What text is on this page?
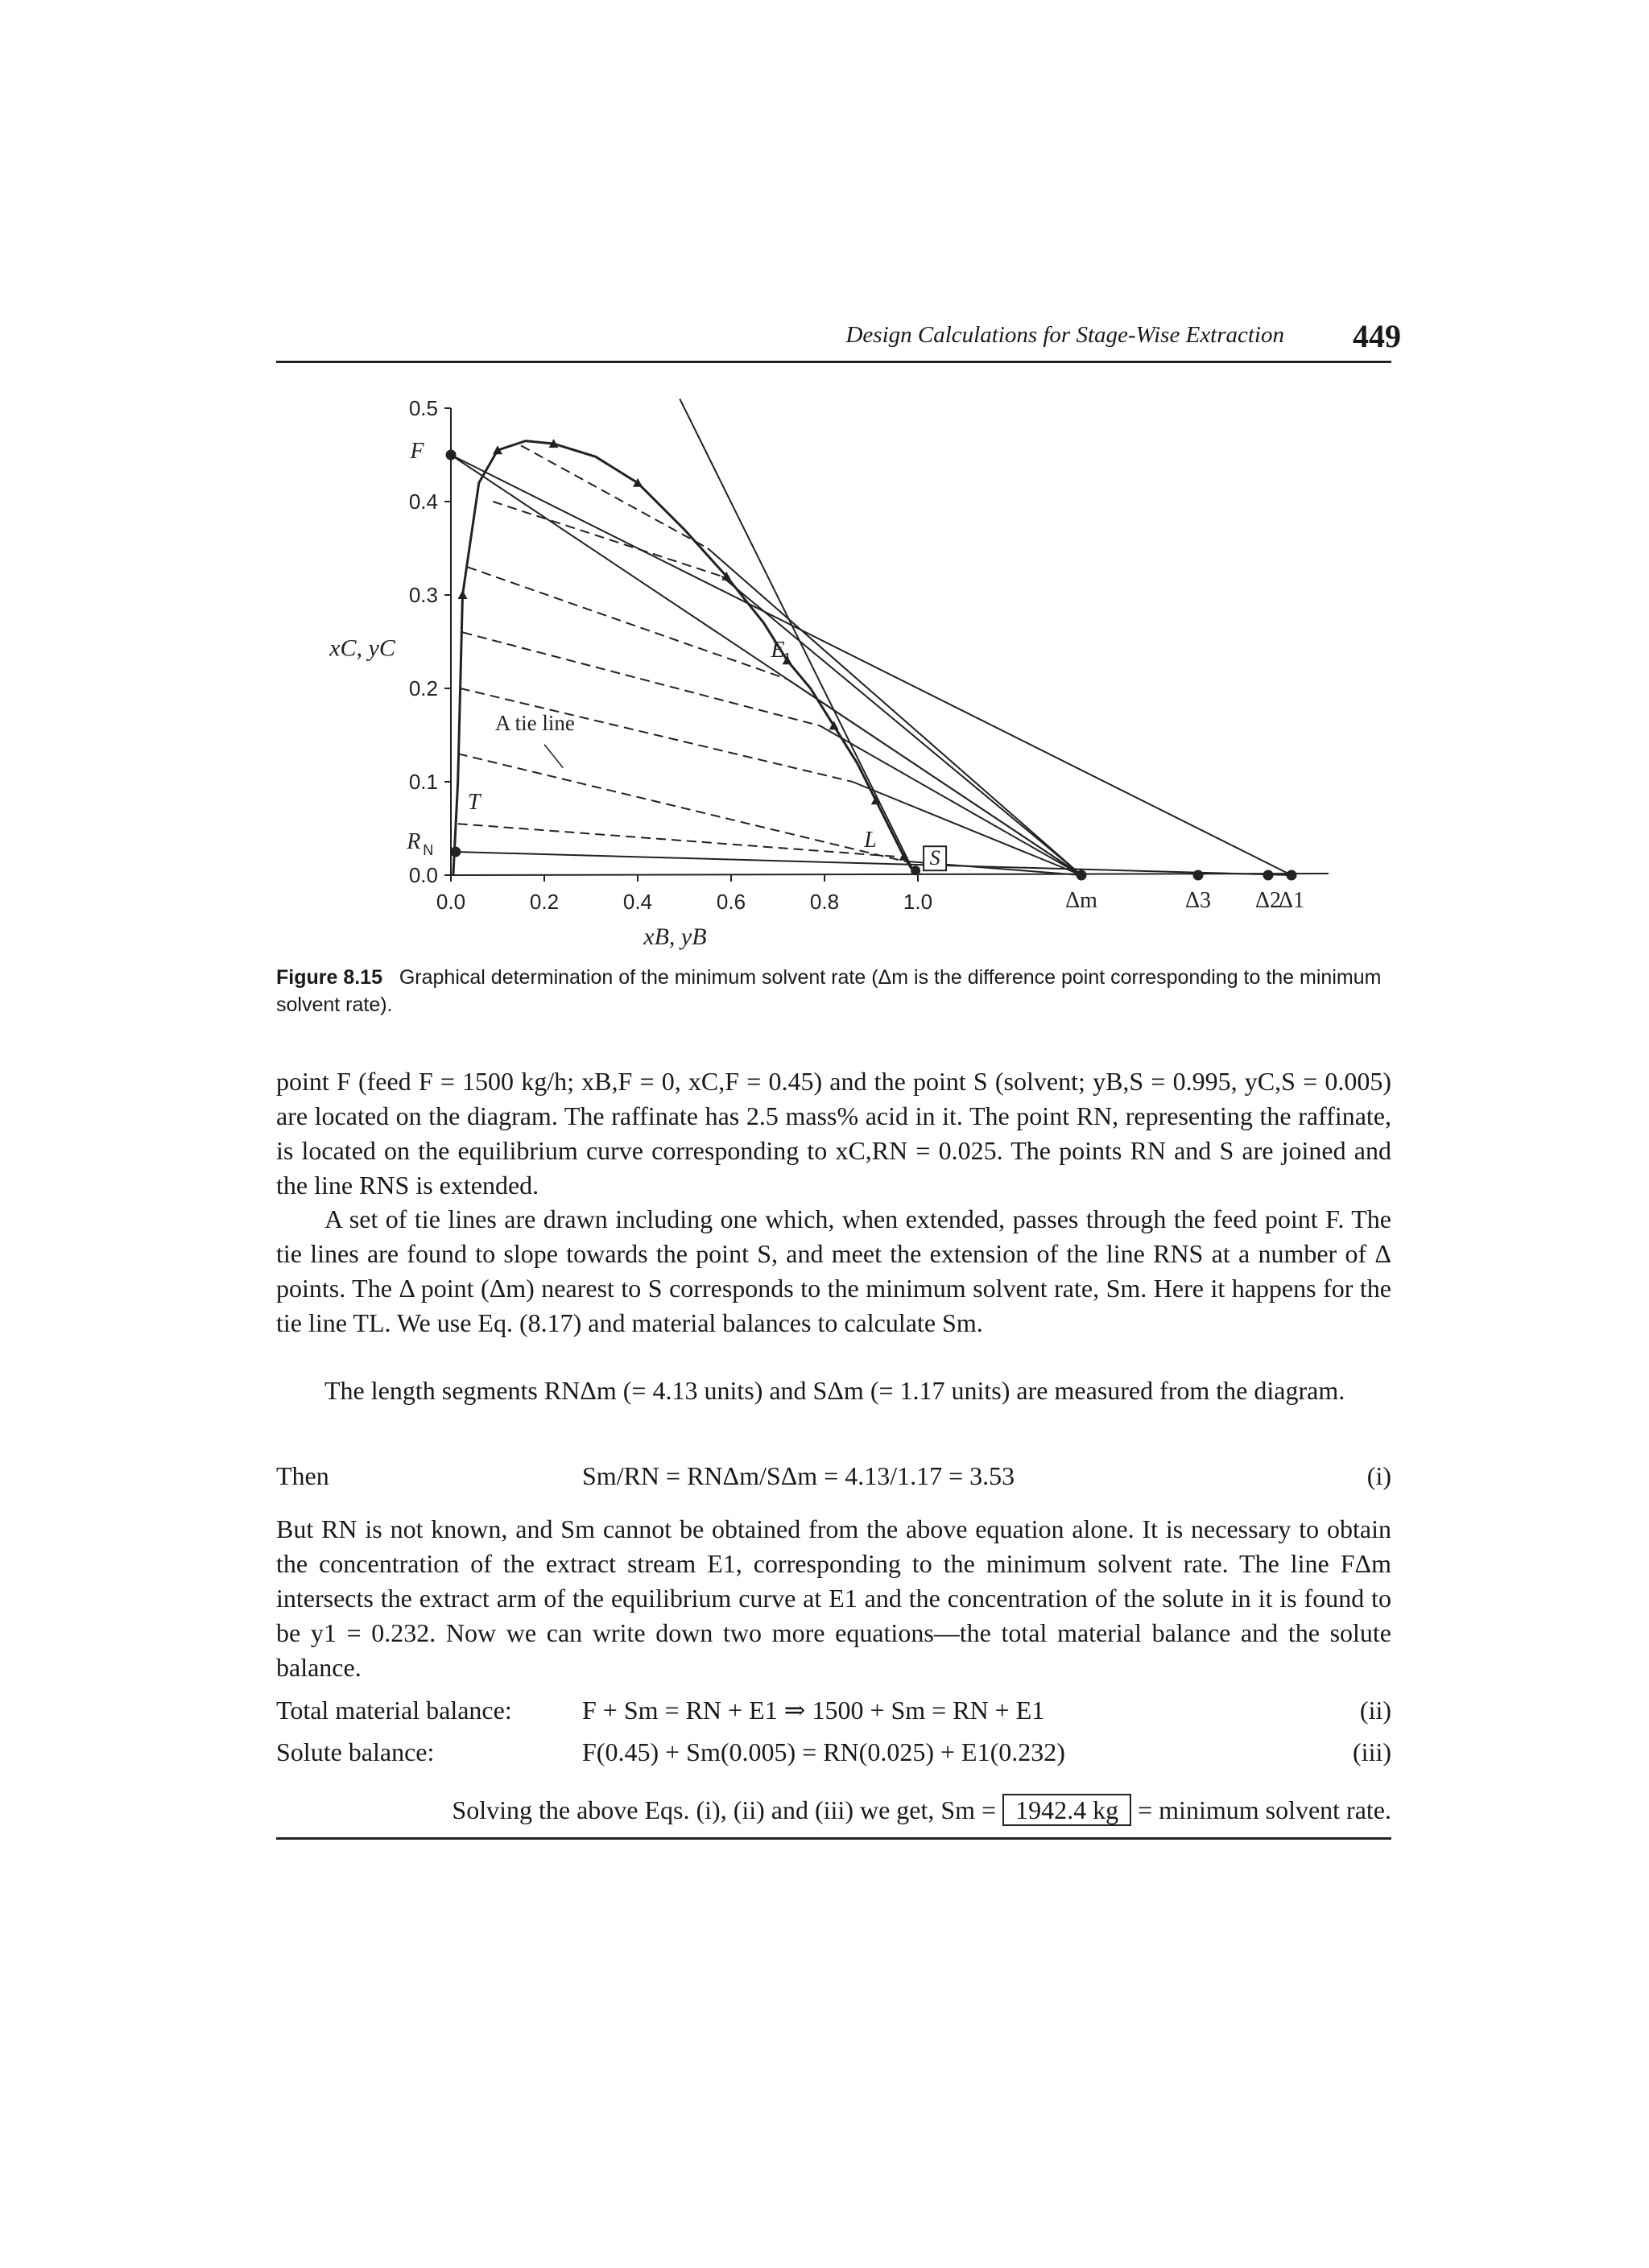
Design Calculations for Stage-Wise Extraction 449
0.0	0.2	0.4	0.6	0.8	1.0
0.0
0.1
0.2
0.3
0.4
0.5
xB, yB
xC, yC
F
R N	S
T
L
E
1
Δm	Δ3 Δ2
Δ1
A tie line
Figure 8.15 Graphical determination of the minimum solvent rate (Δm is the difference point corresponding to the minimum solvent rate).
point F (feed F = 1500 kg/h; xB,F = 0, xC,F = 0.45) and the point S (solvent; yB,S = 0.995, yC,S = 0.005) are located on the diagram. The raffinate has 2.5 mass% acid in it. The point RN, representing the raffinate, is located on the equilibrium curve corresponding to xC,RN = 0.025. The points RN and S are joined and the line RNS is extended.
A set of tie lines are drawn including one which, when extended, passes through the feed point F. The tie lines are found to slope towards the point S, and meet the extension of the line RNS at a number of Δ points. The Δ point (Δm) nearest to S corresponds to the minimum solvent rate, Sm. Here it happens for the tie line TL. We use Eq. (8.17) and material balances to calculate Sm.
The length segments RNΔm (= 4.13 units) and SΔm (= 1.17 units) are measured from the diagram.
Then	Sm/RN = RNΔm/SΔm = 4.13/1.17 = 3.53	(i)
But RN is not known, and Sm cannot be obtained from the above equation alone. It is necessary to obtain the concentration of the extract stream E1, corresponding to the minimum solvent rate. The line FΔm intersects the extract arm of the equilibrium curve at E1 and the concentration of the solute in it is found to be y1 = 0.232. Now we can write down two more equations—the total material balance and the solute balance.
Total material balance:	F + Sm = RN + E1 ⇒ 1500 + Sm = RN + E1	(ii)
Solute balance:	F(0.45) + Sm(0.005) = RN(0.025) + E1(0.232)	(iii)
Solving the above Eqs. (i), (ii) and (iii) we get, Sm = 1942.4 kg = minimum solvent rate.
